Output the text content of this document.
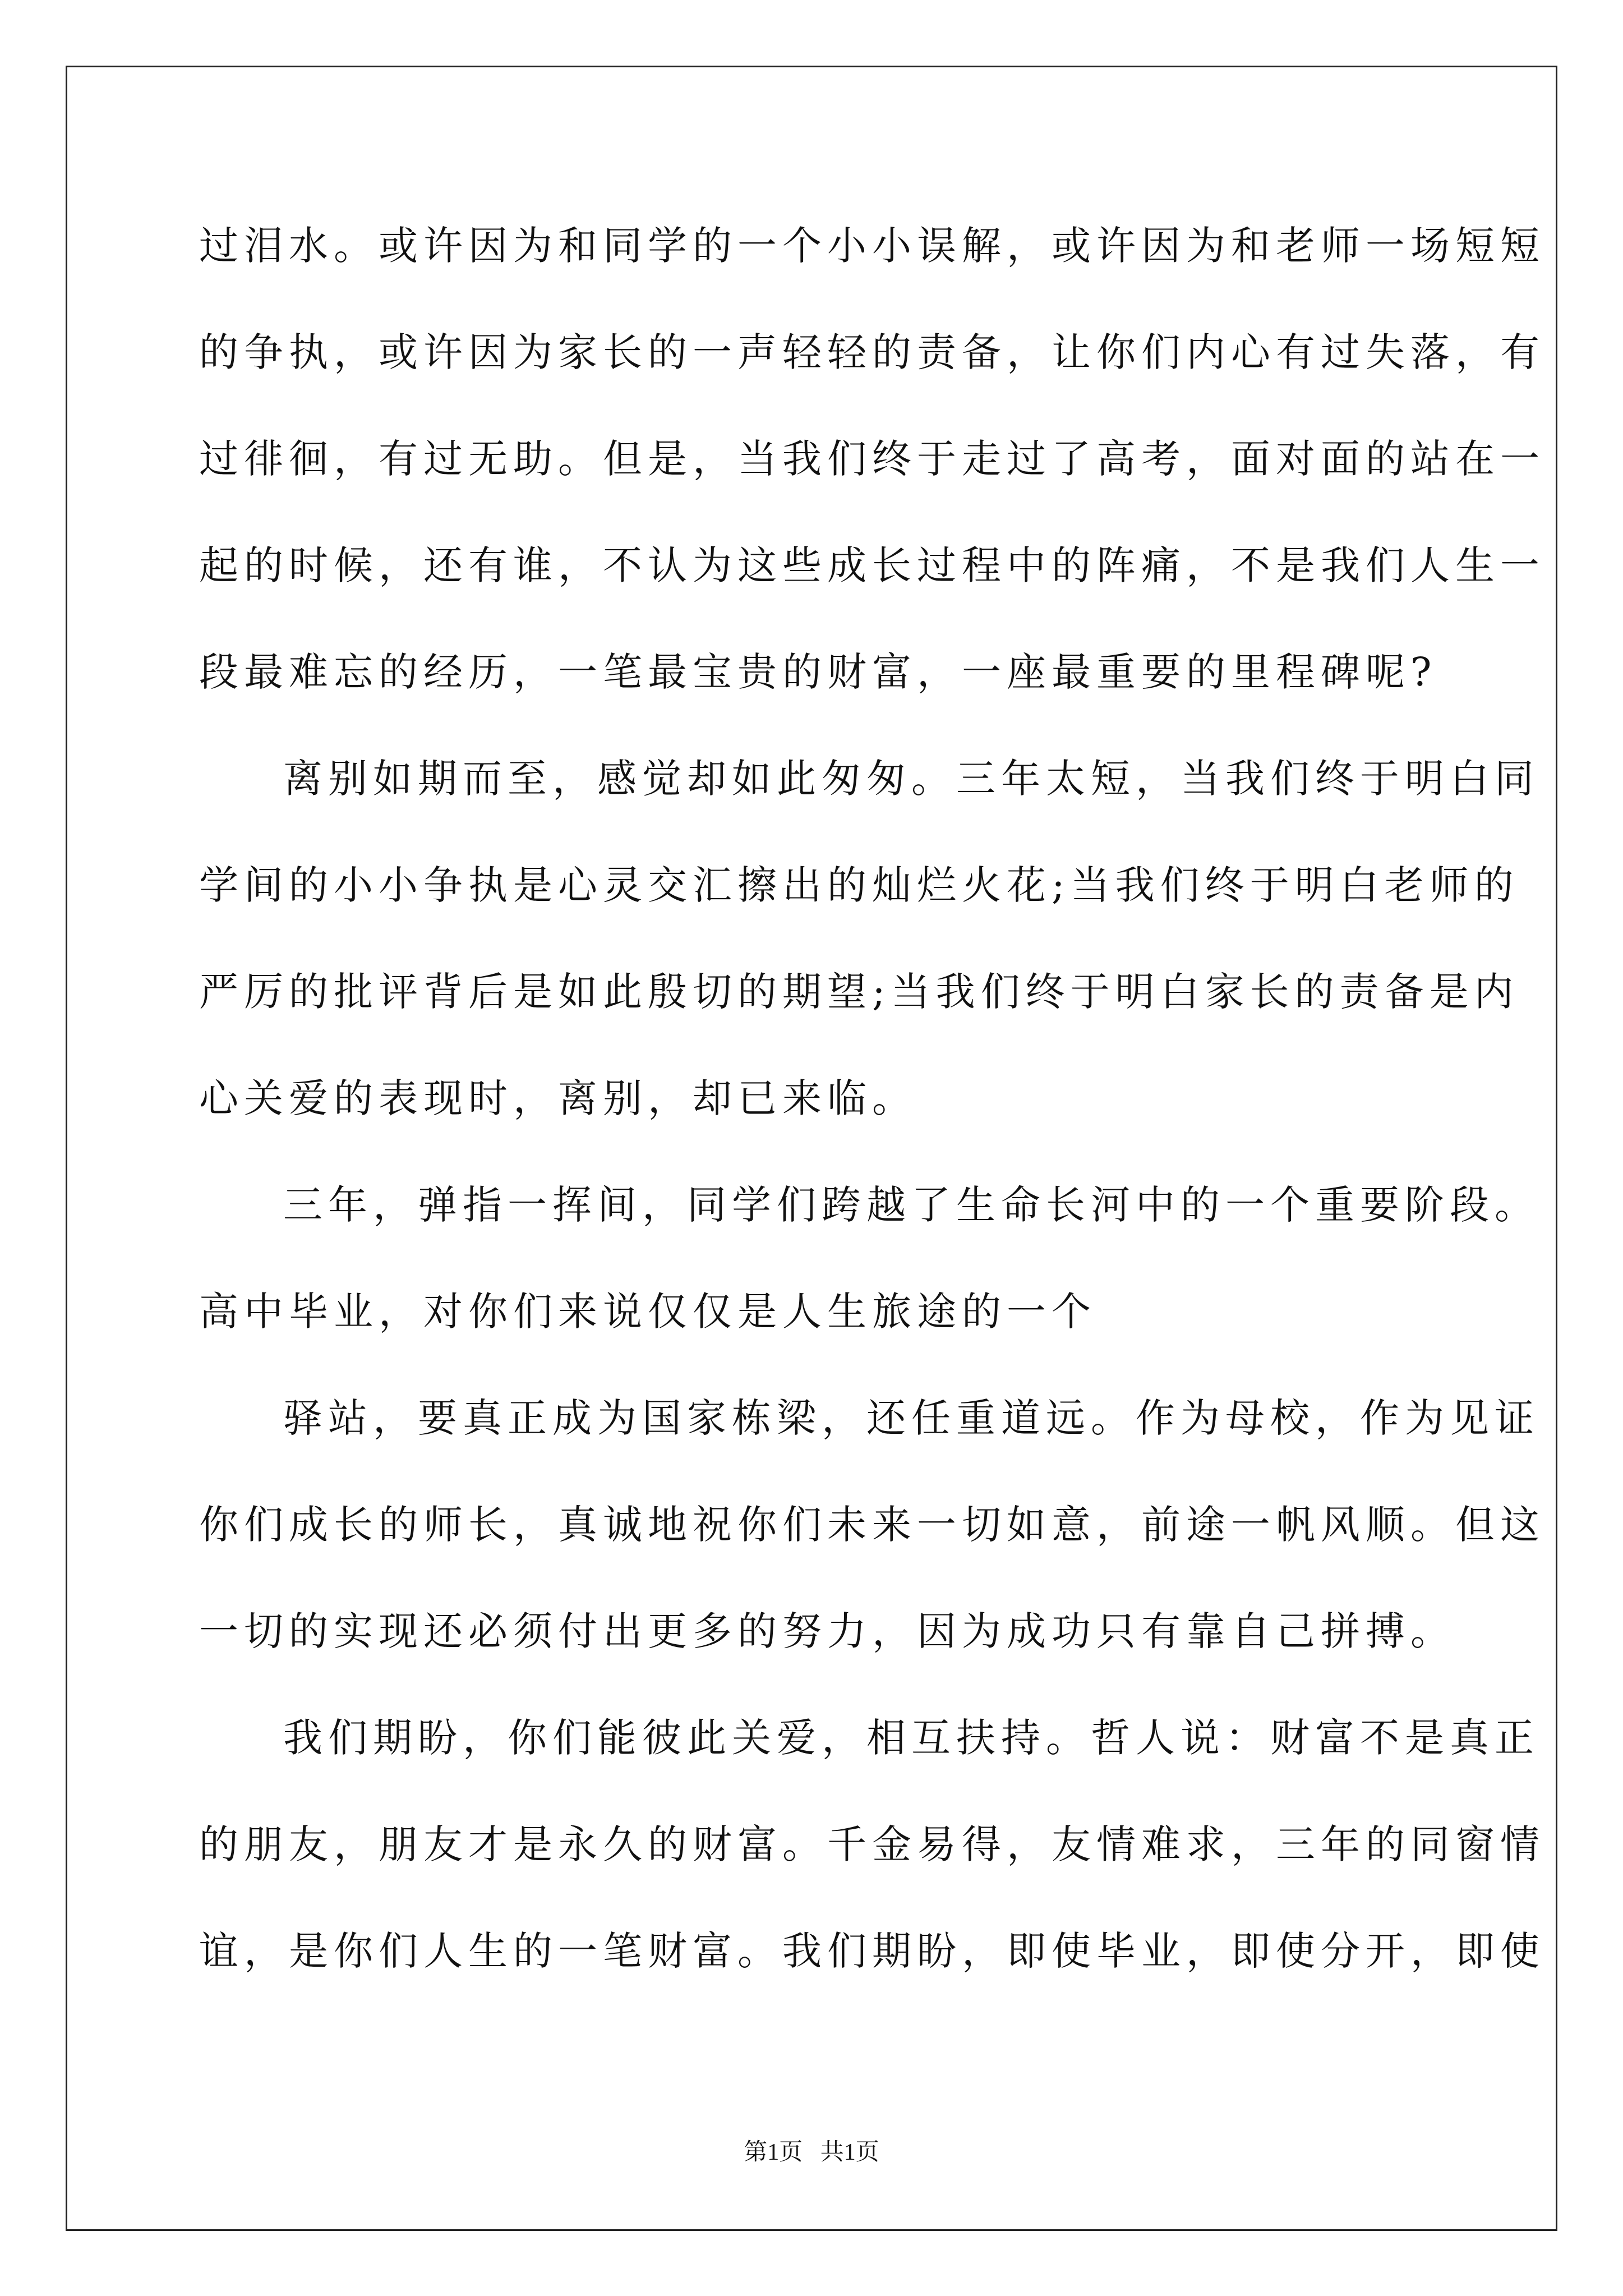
过泪水。或许因为和同学的一个小小误解，或许因为和老师一场短短
的争执，或许因为家长的一声轻轻的责备，让你们内心有过失落，有
过徘徊，有过无助。但是，当我们终于走过了高考，面对面的站在一
起的时候，还有谁，不认为这些成长过程中的阵痛，不是我们人生一
段最难忘的经历，一笔最宝贵的财富，一座最重要的里程碑呢?
离别如期而至，感觉却如此匆匆。三年太短，当我们终于明白同
学间的小小争执是心灵交汇擦出的灿烂火花;当我们终于明白老师的
严厉的批评背后是如此殷切的期望;当我们终于明白家长的责备是内
心关爱的表现时，离别，却已来临。
三年，弹指一挥间，同学们跨越了生命长河中的一个重要阶段。
高中毕业，对你们来说仅仅是人生旅途的一个
驿站，要真正成为国家栋梁，还任重道远。作为母校，作为见证
你们成长的师长，真诚地祝你们未来一切如意，前途一帆风顺。但这
一切的实现还必须付出更多的努力，因为成功只有靠自己拼搏。
我们期盼，你们能彼此关爱，相互扶持。哲人说：财富不是真正
的朋友，朋友才是永久的财富。千金易得，友情难求，三年的同窗情
谊，是你们人生的一笔财富。我们期盼，即使毕业，即使分开，即使
第1页 共1页
